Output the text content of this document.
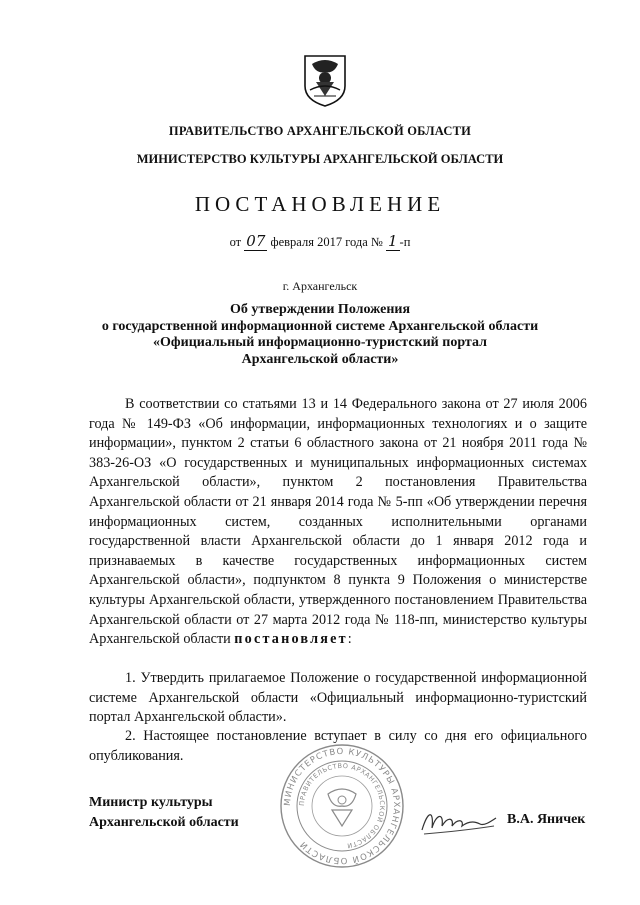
ПРАВИТЕЛЬСТВО АРХАНГЕЛЬСКОЙ ОБЛАСТИ
МИНИСТЕРСТВО КУЛЬТУРЫ АРХАНГЕЛЬСКОЙ ОБЛАСТИ
ПОСТАНОВЛЕНИЕ
от 07 февраля 2017 года № 1 -п
г. Архангельск
Об утверждении Положения
о государственной информационной системе Архангельской области
«Официальный информационно-туристский портал
Архангельской области»
В соответствии со статьями 13 и 14 Федерального закона от 27 июля 2006 года № 149-ФЗ «Об информации, информационных технологиях и о защите информации», пунктом 2 статьи 6 областного закона от 21 ноября 2011 года № 383-26-ОЗ «О государственных и муниципальных информационных системах Архангельской области», пунктом 2 постановления Правительства Архангельской области от 21 января 2014 года № 5-пп «Об утверждении перечня информационных систем, созданных исполнительными органами государственной власти Архангельской области до 1 января 2012 года и признаваемых в качестве государственных информационных систем Архангельской области», подпунктом 8 пункта 9 Положения о министерстве культуры Архангельской области, утвержденного постановлением Правительства Архангельской области от 27 марта 2012 года № 118-пп, министерство культуры Архангельской области постановляет:
1. Утвердить прилагаемое Положение о государственной информационной системе Архангельской области «Официальный информационно-туристский портал Архангельской области».
2. Настоящее постановление вступает в силу со дня его официального опубликования.
МИНИСТЕРСТВО КУЛЬТУРЫ АРХАНГЕЛЬСКОЙ ОБЛАСТИ
ПРАВИТЕЛЬСТВО АРХАНГЕЛЬСКОЙ ОБЛАСТИ
Министр культуры
Архангельской области	В.А. Яничек
